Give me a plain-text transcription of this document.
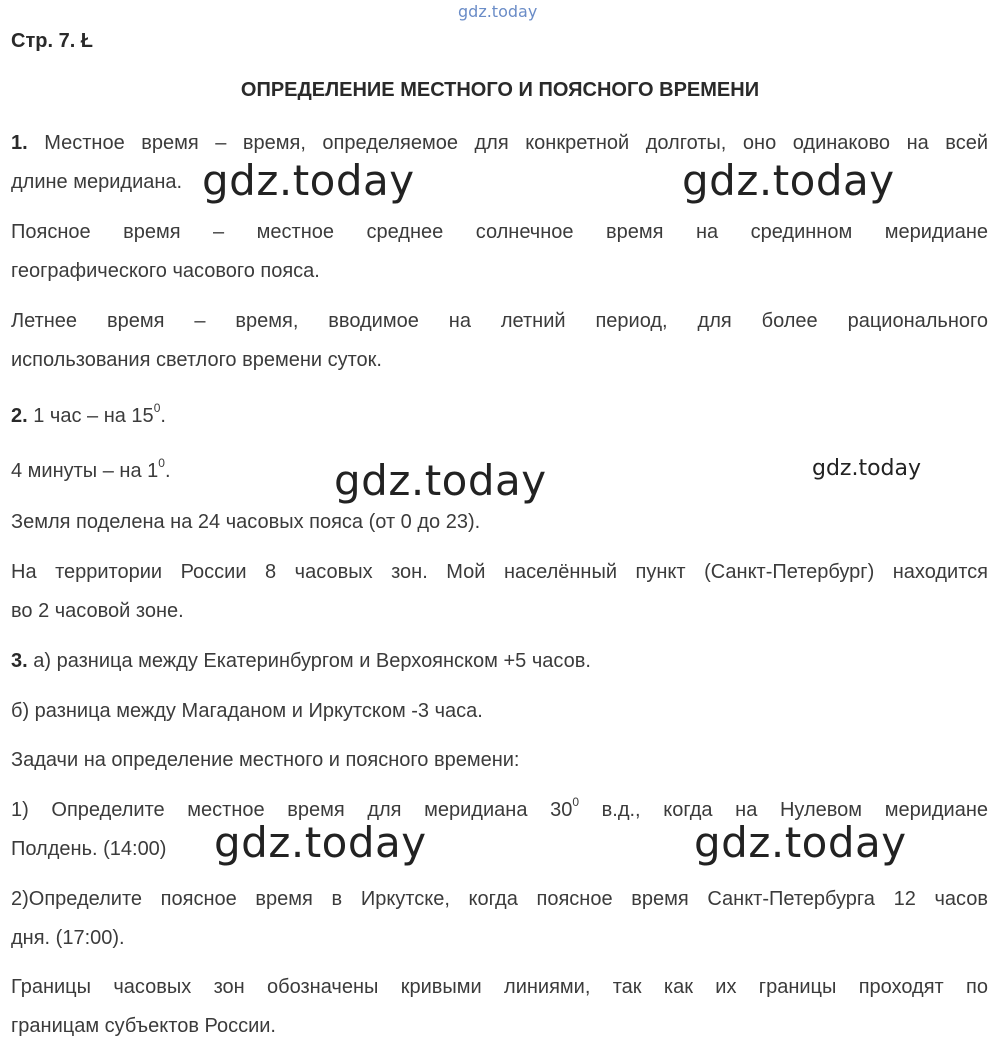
gdz.today
Стр. 7. Ł
ОПРЕДЕЛЕНИЕ МЕСТНОГО И ПОЯСНОГО ВРЕМЕНИ

1. Местное время – время, определяемое для конкретной долготы, оно одинаково на всей
длине меридиана.

Поясное время – местное среднее солнечное время на срединном меридиане
географического часового пояса.

Летнее время – время, вводимое на летний период, для более рационального
использования светлого времени суток.

2. 1 час – на $15^0$.

4 минуты – на $1^0$.

Земля поделена на 24 часовых пояса (от 0 до 23).

На территории России 8 часовых зон. Мой населённый пункт (Санкт-Петербург) находится
во 2 часовой зоне.

3. а) разница между Екатеринбургом и Верхоянском +5 часов.

б) разница между Магаданом и Иркутском -3 часа.

Задачи на определение местного и поясного времени:

1) Определите местное время для меридиана $30^0$ в.д., когда на Нулевом меридиане
Полдень. (14:00)

2)Определите поясное время в Иркутске, когда поясное время Санкт-Петербурга 12 часов
дня. (17:00).

Границы часовых зон обозначены кривыми линиями, так как их границы проходят по
границам субъектов России.

gdz.today	gdz.today
gdz.today	gdz.today
gdz.today	gdz.today
